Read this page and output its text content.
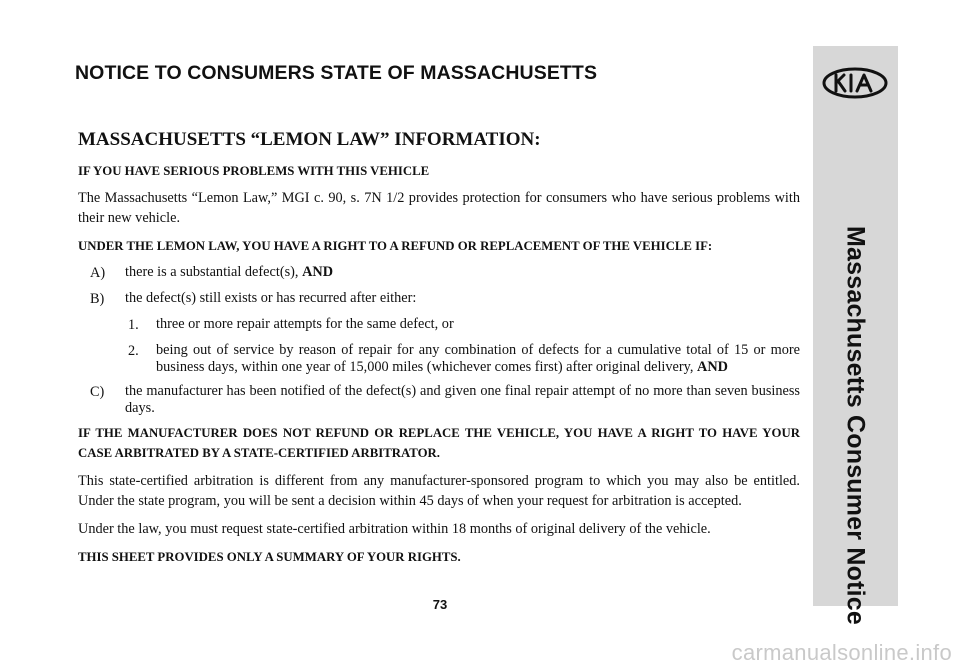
NOTICE TO CONSUMERS STATE OF MASSACHUSETTS
Massachusetts Consumer Notice

MASSACHUSETTS “LEMON LAW” INFORMATION:

IF YOU HAVE SERIOUS PROBLEMS WITH THIS VEHICLE

The Massachusetts “Lemon Law,” MGI c. 90, s. 7N 1/2 provides protection for consumers who have serious problems with their new vehicle.

UNDER THE LEMON LAW, YOU HAVE A RIGHT TO A REFUND OR REPLACEMENT OF THE VEHICLE IF:

A)	there is a substantial defect(s), AND

B)	the defect(s) still exists or has recurred after either:

1.	three or more repair attempts for the same defect, or

2.	being out of service by reason of repair for any combination of defects for a cumulative total of 15 or more business days, within one year of 15,000 miles (whichever comes first) after original delivery, AND

C)	the manufacturer has been notified of the defect(s) and given one final repair attempt of no more than seven business days.

IF THE MANUFACTURER DOES NOT REFUND OR REPLACE THE VEHICLE, YOU HAVE A RIGHT TO HAVE YOUR CASE ARBITRATED BY A STATE-CERTIFIED ARBITRATOR.

This state-certified arbitration is different from any manufacturer-sponsored program to which you may also be entitled. Under the state program, you will be sent a decision within 45 days of when your request for arbitration is accepted.

Under the law, you must request state-certified arbitration within 18 months of original delivery of the vehicle.

THIS SHEET PROVIDES ONLY A SUMMARY OF YOUR RIGHTS.

73
carmanualsonline.info
